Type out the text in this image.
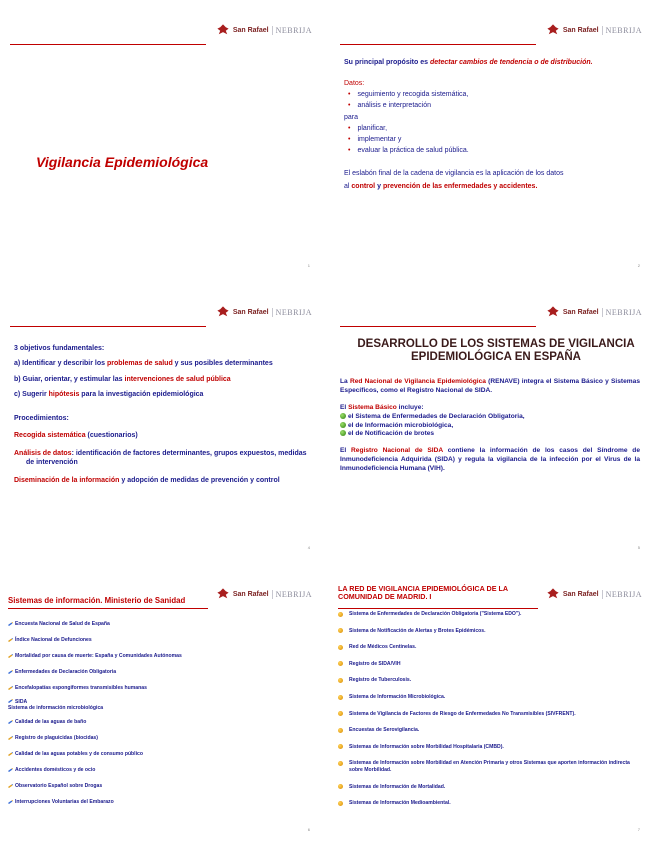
San Rafael NEBRIJA
Vigilancia Epidemiológica
1
San Rafael NEBRIJA
Su principal propósito es detectar cambios de tendencia o de distribución.
Datos:
• seguimiento y recogida sistemática,
• análisis e interpretación
para
• planificar,
• implementar y
• evaluar la práctica de salud pública.
El eslabón final de la cadena de vigilancia es la aplicación de los datos
al control y prevención de las enfermedades y accidentes.
2
San Rafael NEBRIJA
3 objetivos fundamentales:
a) Identificar y describir los problemas de salud y sus posibles determinantes
b) Guiar, orientar, y estimular las intervenciones de salud pública
c) Sugerir hipótesis para la investigación epidemiológica
Procedimientos:
Recogida sistemática (cuestionarios)
Análisis de datos: identificación de factores determinantes, grupos expuestos, medidas de intervención
Diseminación de la información y adopción de medidas de prevención y control
4
San Rafael NEBRIJA
DESARROLLO DE LOS SISTEMAS DE VIGILANCIA EPIDEMIOLÓGICA EN ESPAÑA
La Red Nacional de Vigilancia Epidemiológica (RENAVE) integra el Sistema Básico y Sistemas Específicos, como el Registro Nacional de SIDA.
El Sistema Básico incluye:
el Sistema de Enfermedades de Declaración Obligatoria,
el de Información microbiológica,
el de Notificación de brotes
El Registro Nacional de SIDA contiene la información de los casos del Síndrome de Inmunodeficiencia Adquirida (SIDA) y regula la vigilancia de la infección por el Virus de la Inmunodeficiencia Humana (VIH).
5
Sistemas de información. Ministerio de Sanidad
San Rafael NEBRIJA
Encuesta Nacional de Salud de España
Índice Nacional de Defunciones
Mortalidad por causa de muerte: España y Comunidades Autónomas
Enfermedades de Declaración Obligatoria
Encefalopatías espongiformes transmisibles humanas
SIDA
Sistema de información microbiológica
Calidad de las aguas de baño
Registro de plaguicidas (biocidas)
Calidad de las aguas potables y de consumo público
Accidentes domésticos y de ocio
Observatorio Español sobre Drogas
Interrupciones Voluntarias del Embarazo
6
LA RED DE VIGILANCIA EPIDEMIOLÓGICA DE LA COMUNIDAD DE MADRID. I	San Rafael NEBRIJA
Sistema de Enfermedades de Declaración Obligatoria ("Sistema EDO").
Sistema de Notificación de Alertas y Brotes Epidémicos.
Red de Médicos Centinelas.
Registro de SIDA/VIH
Registro de Tuberculosis.
Sistema de Información Microbiológica.
Sistema de Vigilancia de Factores de Riesgo de Enfermedades No Transmisibles (SIVFRENT).
Encuestas de Serovigilancia.
Sistemas de Información sobre Morbilidad Hospitalaria (CMBD).
Sistemas de Información sobre Morbilidad en Atención Primaria y otros Sistemas que aporten información indirecta sobre Morbilidad.
Sistemas de Información de Mortalidad.
Sistemas de Información Medioambiental.
7
